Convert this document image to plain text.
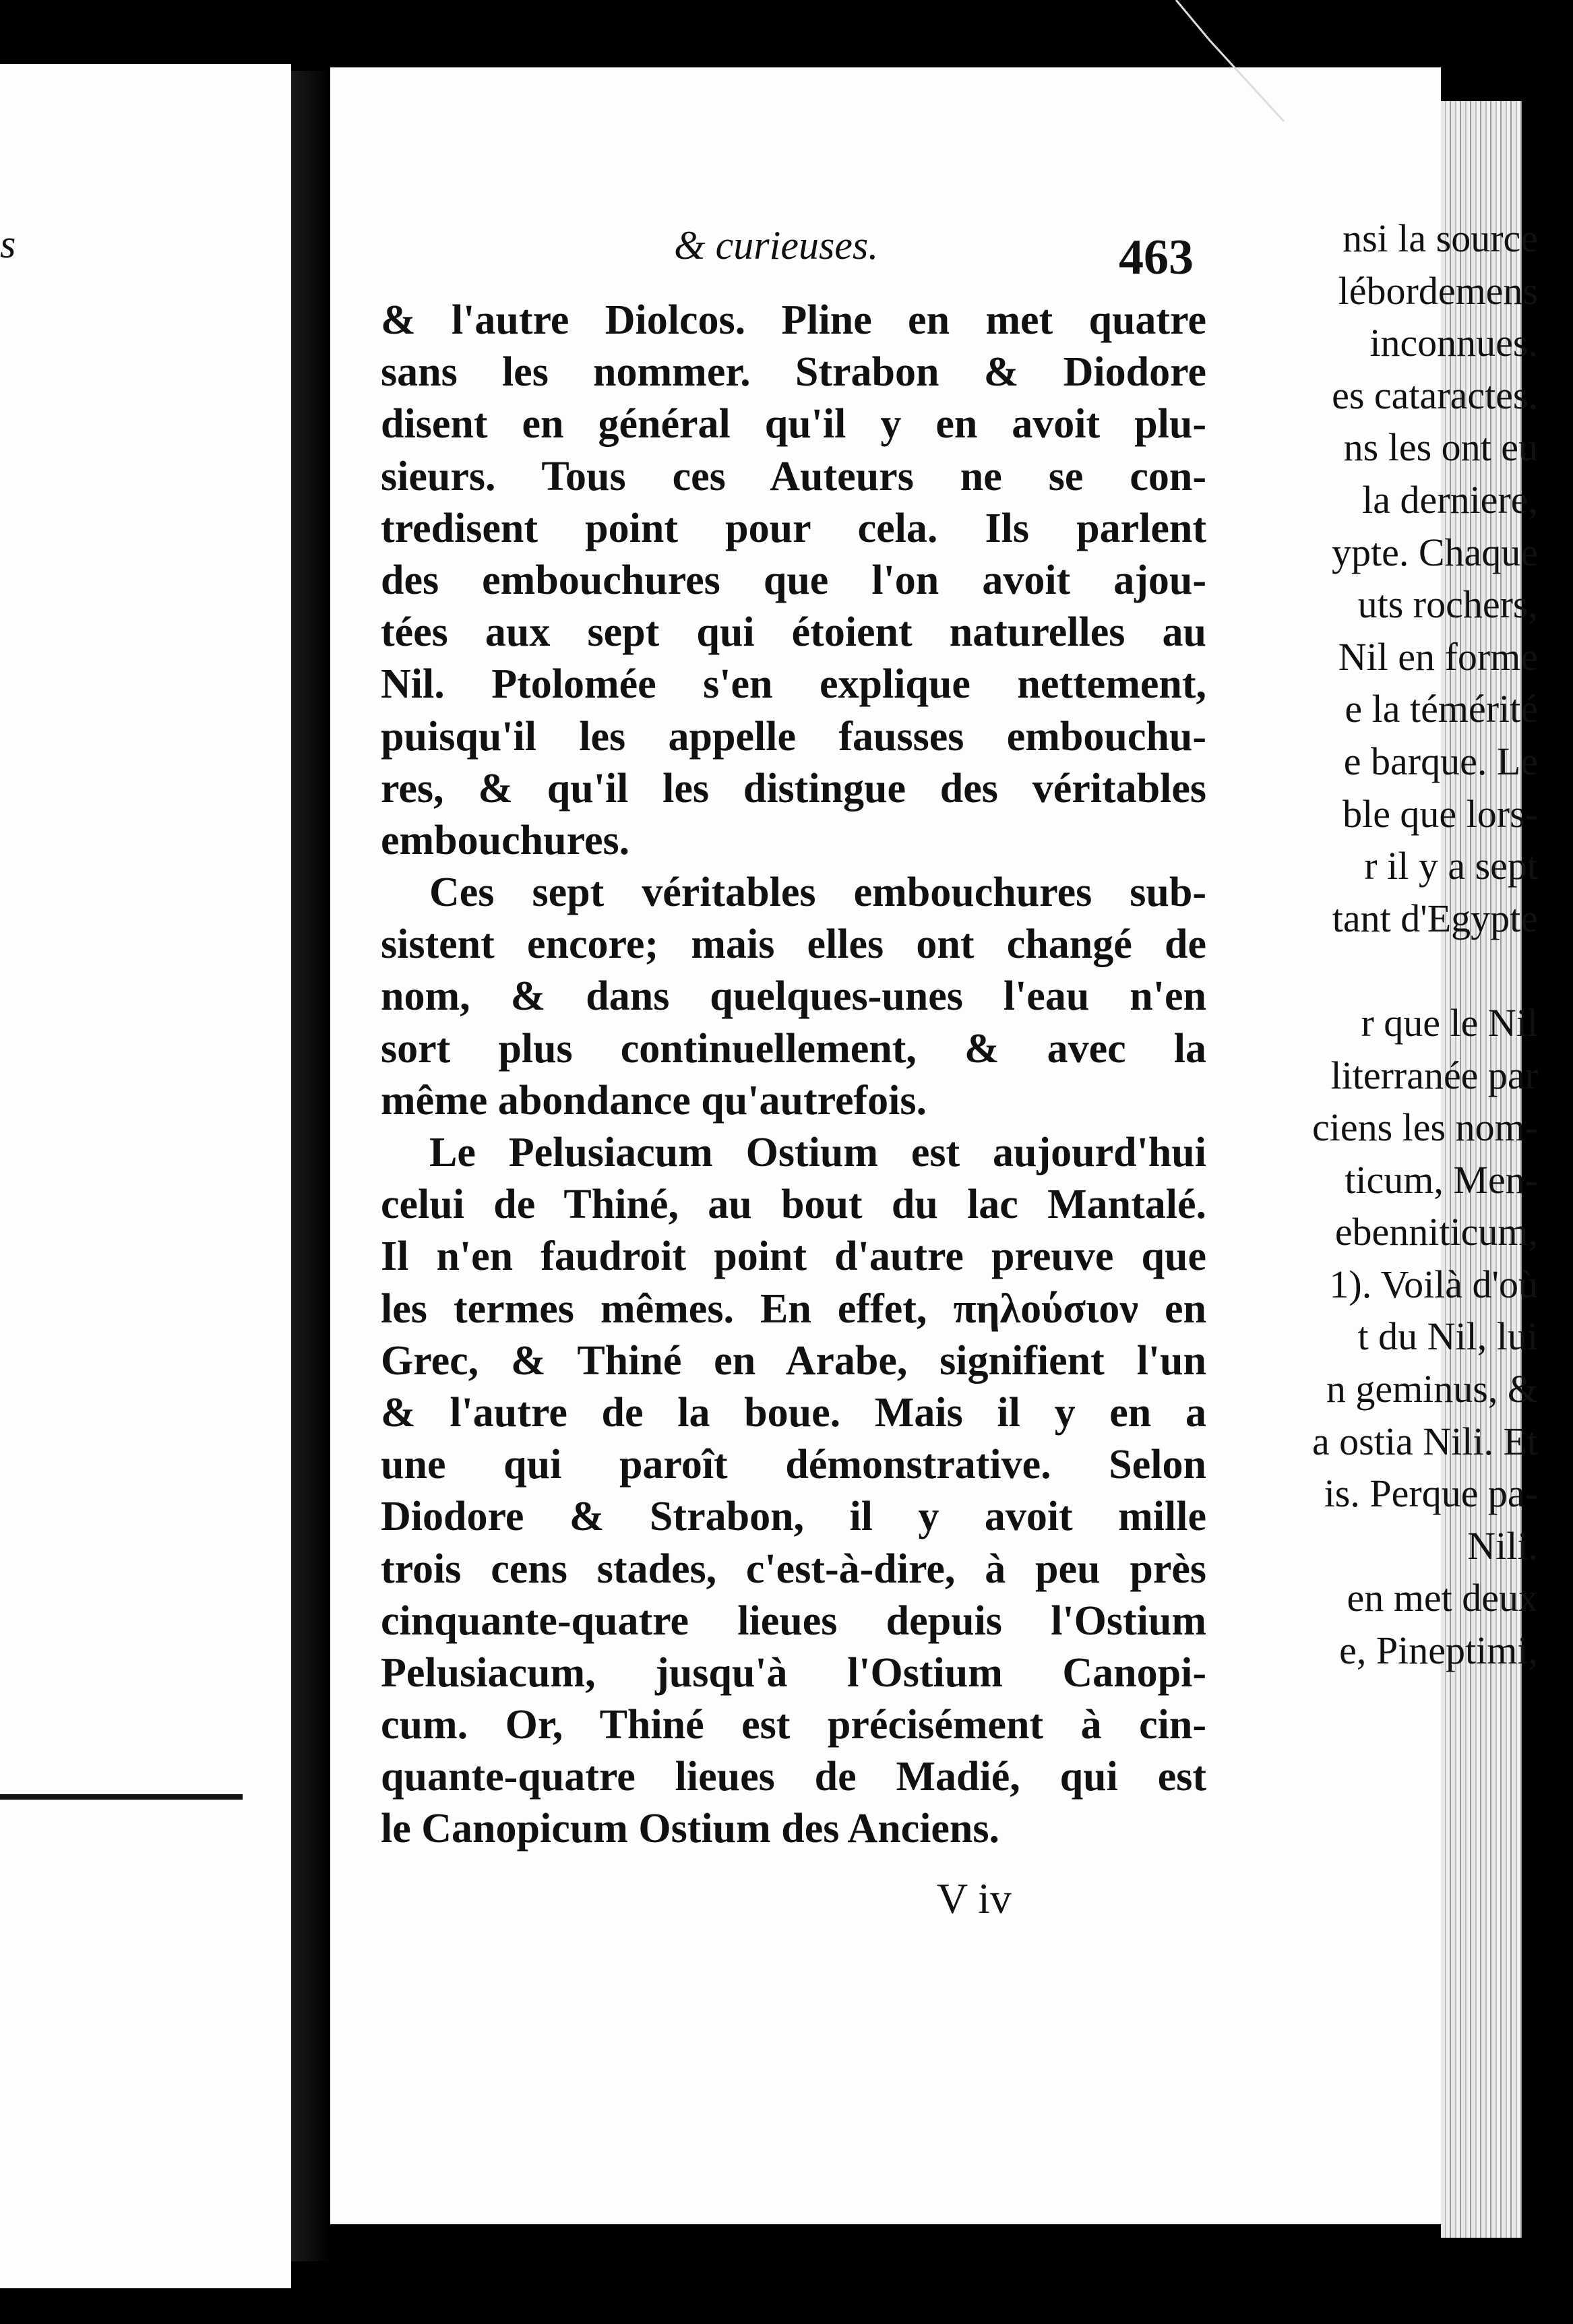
s	nsi la source
lébordemens
inconnues.
es cataractes.
ns les ont eu
la derniere,
ypte. Chaque
uts rochers,
Nil en forme
e la témérité
e barque. Le
ble que lors-
r il y a sept
tant d'Egypte
r que le Nil
literranée par
ciens les nom-
ticum, Men-
ebenniticum,
1). Voilà d'où
t du Nil, lui
n geminus, &
a ostia Nili. Et
is. Perque pa-
Nili.
en met deux
e, Pineptimi,
& curieuses.	463
& l'autre Diolcos. Pline en met quatre
sans les nommer. Strabon & Diodore
disent en général qu'il y en avoit plu-
sieurs. Tous ces Auteurs ne se con-
tredisent point pour cela. Ils parlent
des embouchures que l'on avoit ajou-
tées aux sept qui étoient naturelles au
Nil. Ptolomée s'en explique nettement,
puisqu'il les appelle fausses embouchu-
res, & qu'il les distingue des véritables
embouchures.
Ces sept véritables embouchures sub-
sistent encore; mais elles ont changé de
nom, & dans quelques-unes l'eau n'en
sort plus continuellement, & avec la
même abondance qu'autrefois.
Le Pelusiacum Ostium est aujourd'hui
celui de Thiné, au bout du lac Mantalé.
Il n'en faudroit point d'autre preuve que
les termes mêmes. En effet, πηλούσιον en
Grec, & Thiné en Arabe, signifient l'un
& l'autre de la boue. Mais il y en a
une qui paroît démonstrative. Selon
Diodore & Strabon, il y avoit mille
trois cens stades, c'est-à-dire, à peu près
cinquante-quatre lieues depuis l'Ostium
Pelusiacum, jusqu'à l'Ostium Canopi-
cum. Or, Thiné est précisément à cin-
quante-quatre lieues de Madié, qui est
le Canopicum Ostium des Anciens.
V iv
